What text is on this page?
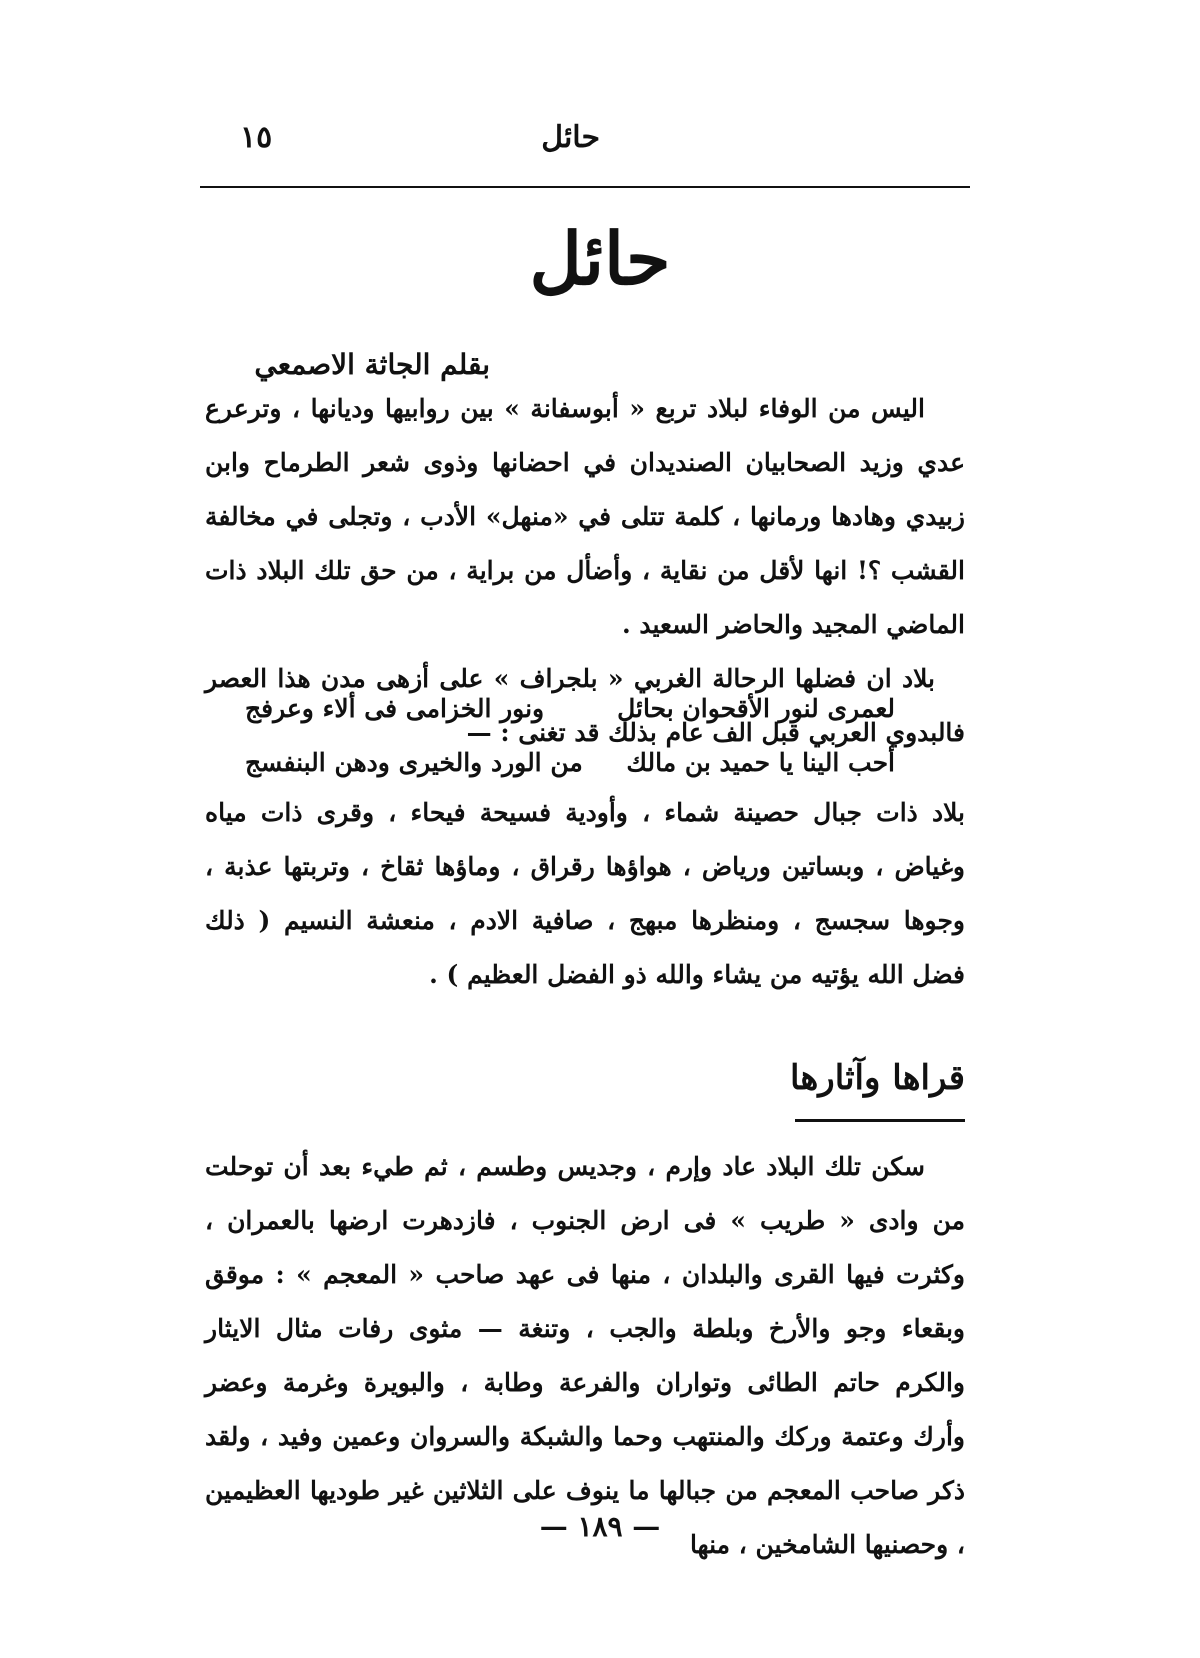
حائل
١٥
حائل
بقلم الجاثة الاصمعي

اليس من الوفاء لبلاد تربع « أبوسفانة » بين روابيها وديانها ، وترعرع عدي وزيد الصحابيان الصنديدان في احضانها وذوى شعر الطرماح وابن زبيدي وهادها ورمانها ، كلمة تتلى في «منهل» الأدب ، وتجلى في مخالفة القشب ؟! انها لأقل من نقاية ، وأضأل من براية ، من حق تلك البلاد ذات الماضي المجيد والحاضر السعيد .

بلاد ان فضلها الرحالة الغربي « بلجراف » على أزهى مدن هذا العصر فالبدوي العربي قبل الف عام بذلك قد تغنى : —

لعمرى لنور الأقحوان بحائل
ونور الخزامى فى ألاء وعرفج
أحب الينا يا حميد بن مالك
من الورد والخيرى ودهن البنفسج

بلاد ذات جبال حصينة شماء ، وأودية فسيحة فيحاء ، وقرى ذات مياه وغياض ، وبساتين ورياض ، هواؤها رقراق ، وماؤها ثقاخ ، وتربتها عذبة ، وجوها سجسج ، ومنظرها مبهج ، صافية الادم ، منعشة النسيم ( ذلك فضل الله يؤتيه من يشاء والله ذو الفضل العظيم ) .

قراها وآثارها

سكن تلك البلاد عاد وإرم ، وجديس وطسم ، ثم طيء بعد أن توحلت من وادى « طريب » فى ارض الجنوب ، فازدهرت ارضها بالعمران ، وكثرت فيها القرى والبلدان ، منها فى عهد صاحب « المعجم » : موقق وبقعاء وجو والأرخ وبلطة والجب ، وتنغة — مثوى رفات مثال الايثار والكرم حاتم الطائى وتواران والفرعة وطابة ، والبويرة وغرمة وعضر وأرك وعتمة وركك والمنتهب وحما والشبكة والسروان وعمين وفيد ، ولقد ذكر صاحب المعجم من جبالها ما ينوف على الثلاثين غير طوديها العظيمين ، وحصنيها الشامخين ، منها

— ١٨٩ —
